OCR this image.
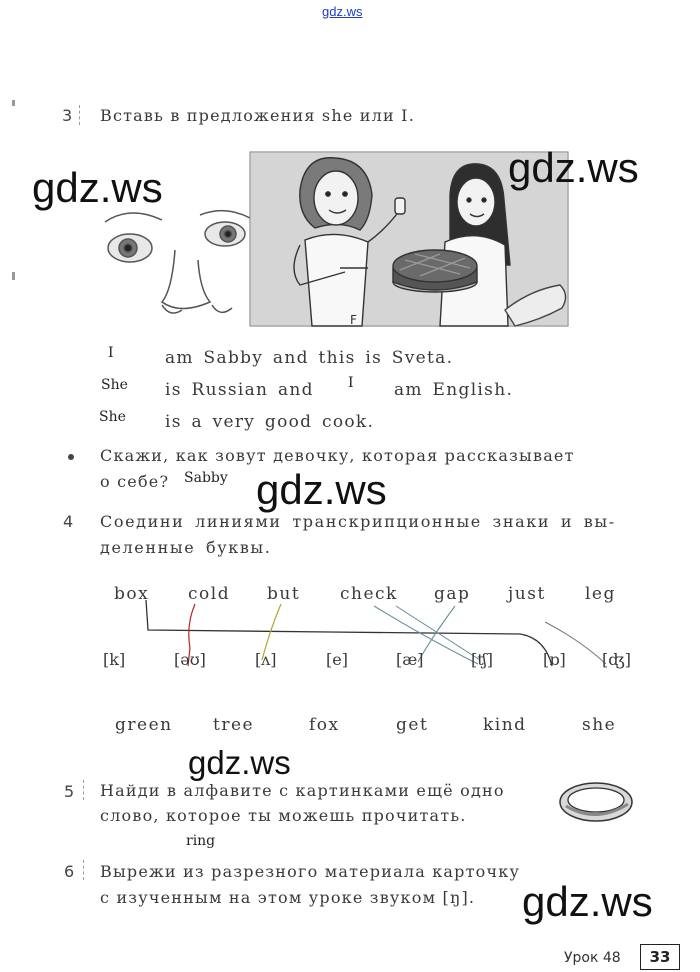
gdz.ws
3 Вставь в предложения she или I.
F
I	am Sabby and this is Sveta.
She is Russian and I am English.
She is a very good cook.
Скажи, как зовут девочку, которая рассказывает
о себе? Sabby
4 Соедини линиями транскрипционные знаки и вы-
деленные буквы.
box cold but check gap just leg
[k]	[əʊ]	[ʌ]	[e]	[æ]	[ʧ]	[ɒ] [ʤ]
green tree	fox	get	kind	she
5 Найди в алфавите с картинками ещё одно
слово, которое ты можешь прочитать.
ring
6 Вырежи из разрезного материала карточку
с изученным на этом уроке звуком [ŋ].
Урок 48	33
gdz.ws	gdz.ws
gdz.ws
gdz.ws
gdz.ws
